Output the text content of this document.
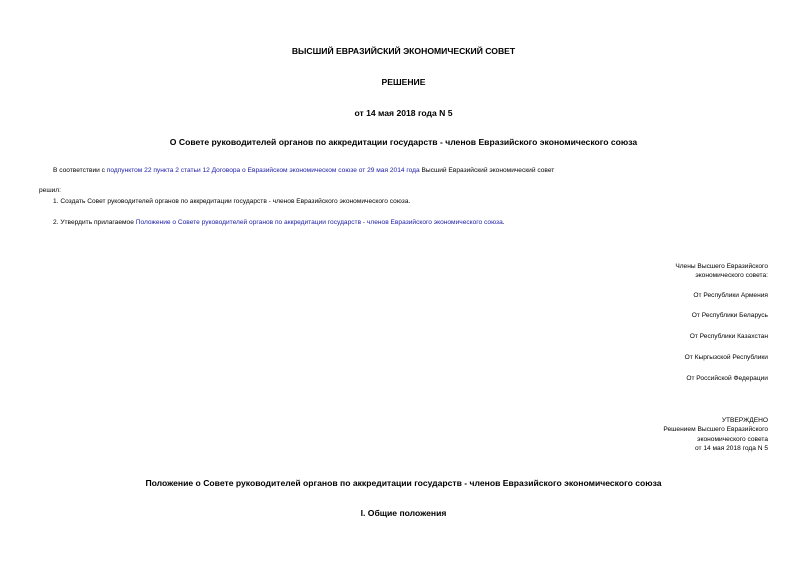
ВЫСШИЙ ЕВРАЗИЙСКИЙ ЭКОНОМИЧЕСКИЙ СОВЕТ
РЕШЕНИЕ
от 14 мая 2018 года N 5
О Совете руководителей органов по аккредитации государств - членов Евразийского экономического союза
В соответствии с подпунктом 22 пункта 2 статьи 12 Договора о Евразийском экономическом союзе от 29 мая 2014 года Высший Евразийский экономический совет
решил:
1. Создать Совет руководителей органов по аккредитации государств - членов Евразийского экономического союза.
2. Утвердить прилагаемое Положение о Совете руководителей органов по аккредитации государств - членов Евразийского экономического союза.
Члены Высшего Евразийского
экономического совета:
От Республики Армения
От Республики Беларусь
От Республики Казахстан
От Кыргызской Республики
От Российской Федерации
УТВЕРЖДЕНО
Решением Высшего Евразийского
экономического совета
от 14 мая 2018 года N 5
Положение о Совете руководителей органов по аккредитации государств - членов Евразийского экономического союза
I. Общие положения
